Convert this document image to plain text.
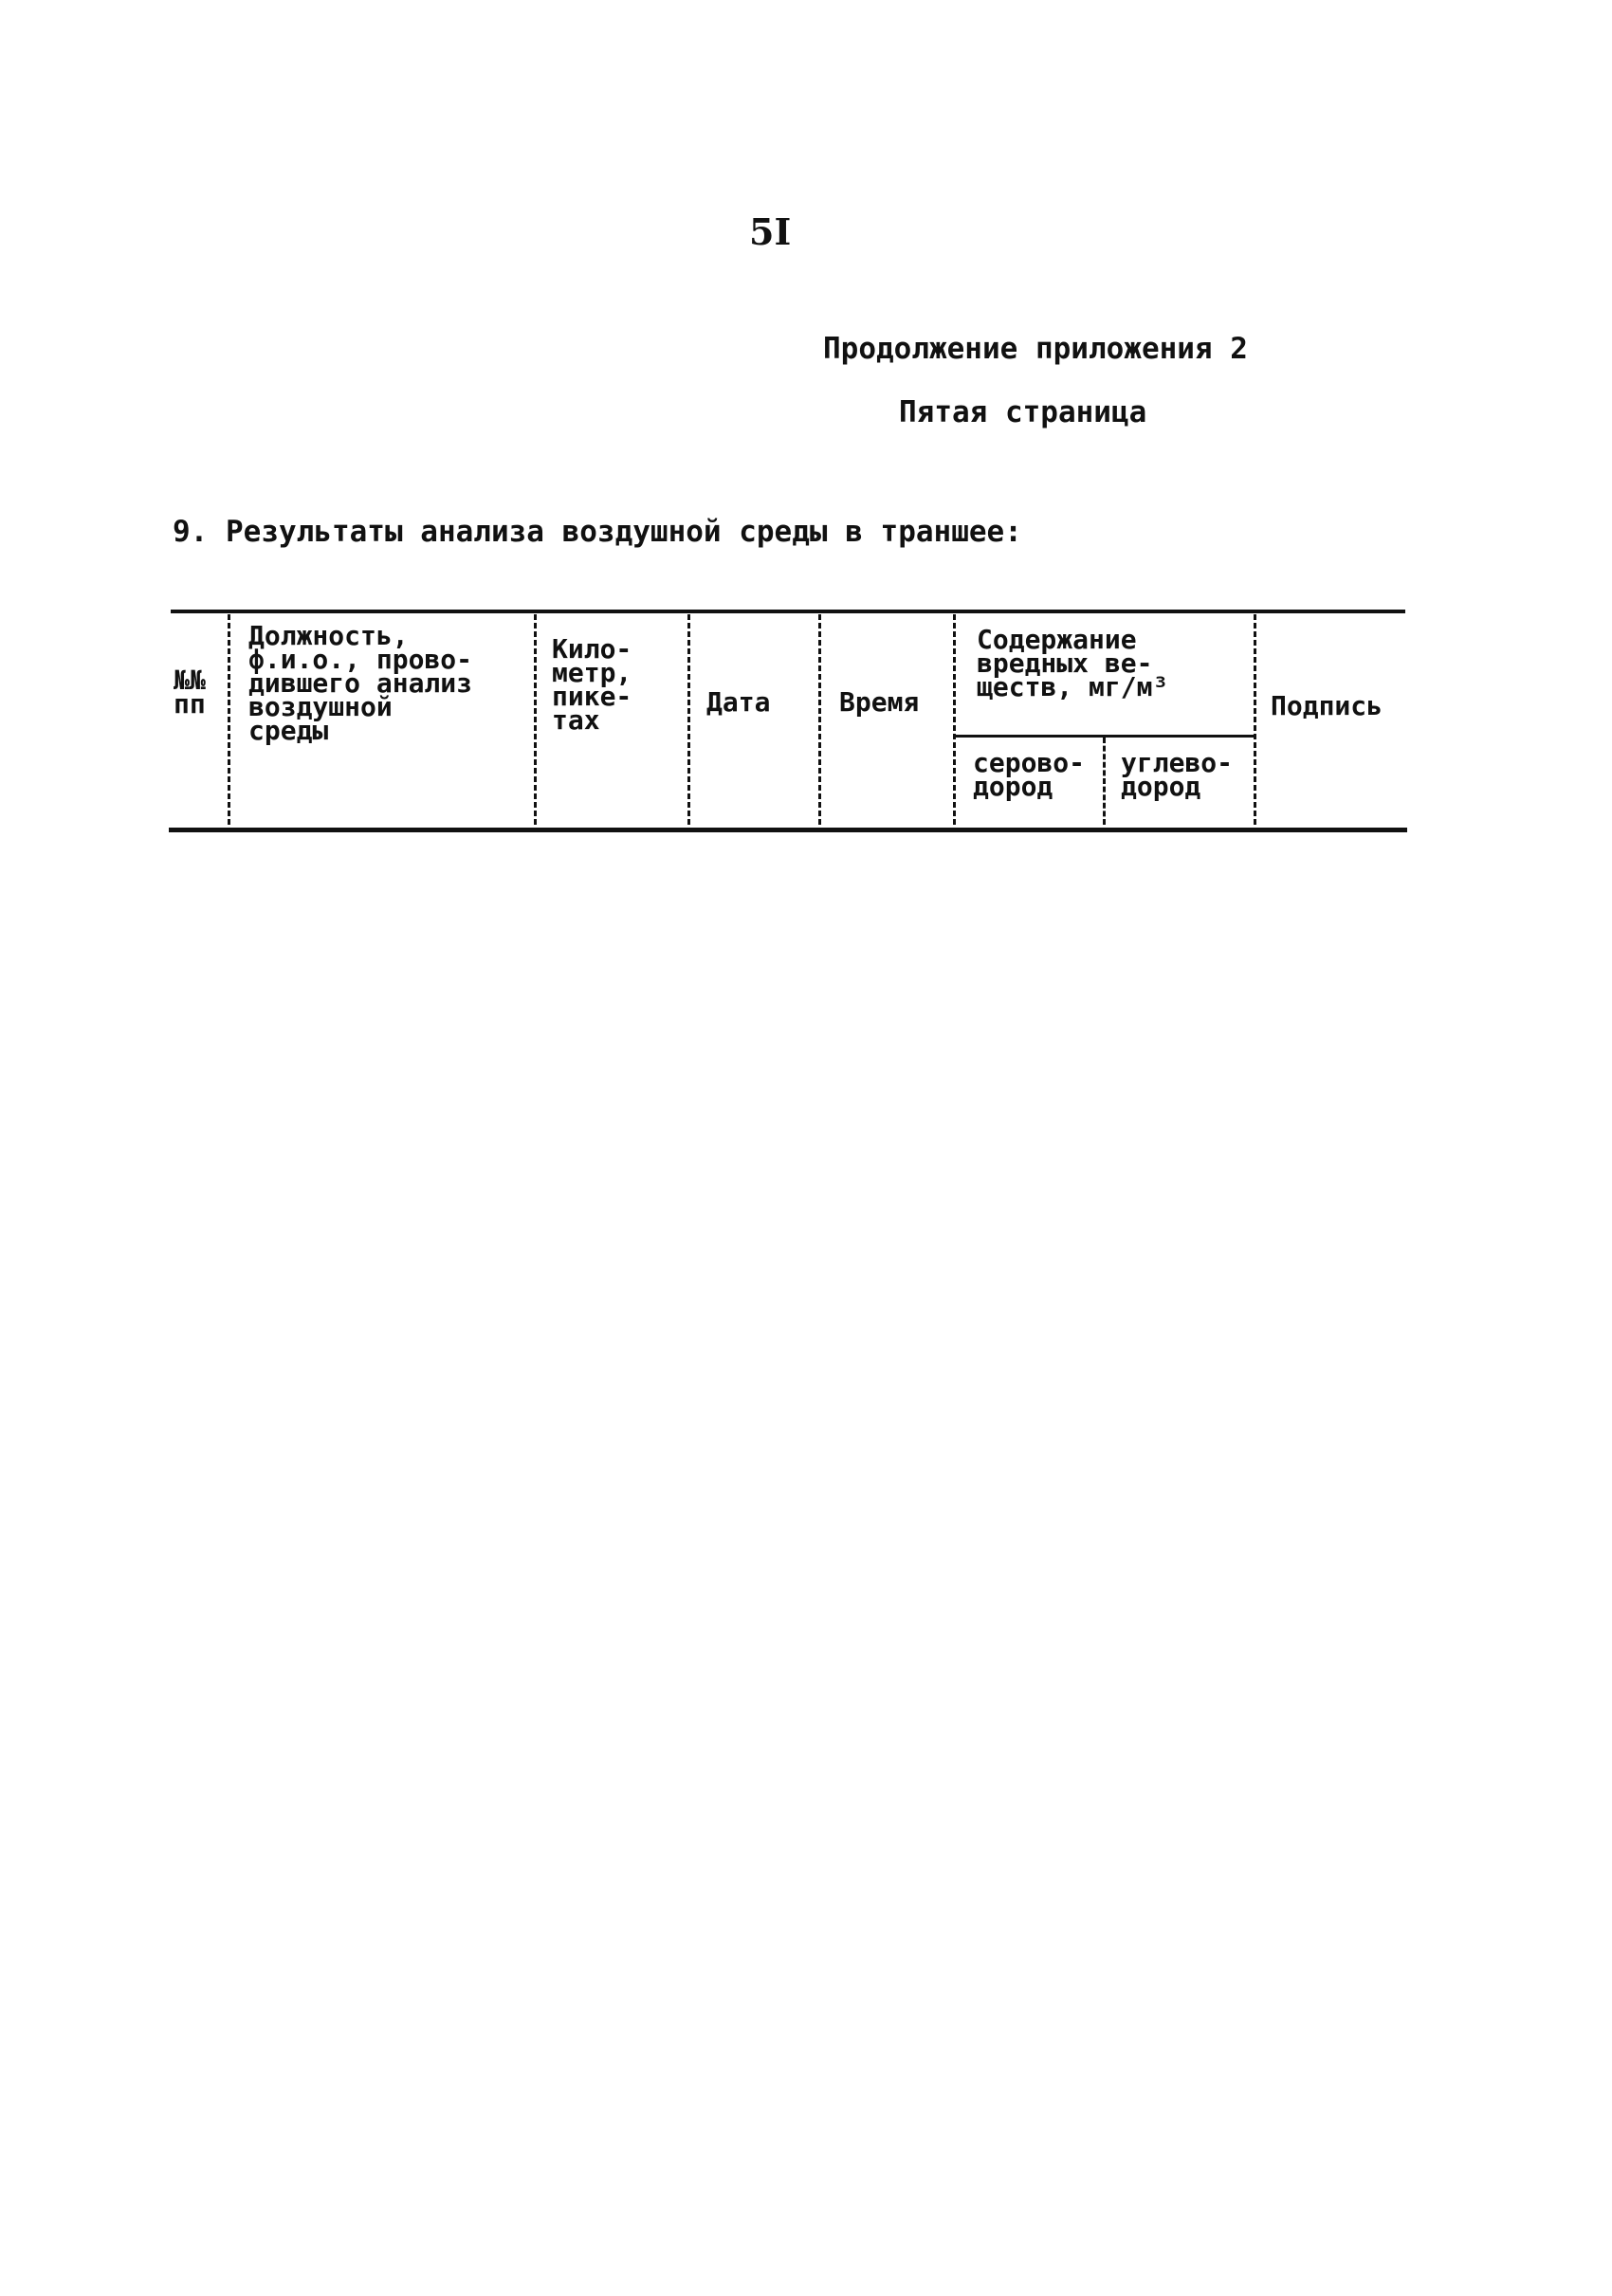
5I
Продолжение приложения 2
Пятая страница
9. Результаты анализа воздушной среды в траншее:
№№
пп
Должность,
ф.и.о., прово-
дившего анализ
воздушной
среды
Кило-
метр,
пике-
тах
Дата	Время
Содержание
вредных ве-
ществ, мг/м³
серово-
дород
углево-
дород
Подпись
